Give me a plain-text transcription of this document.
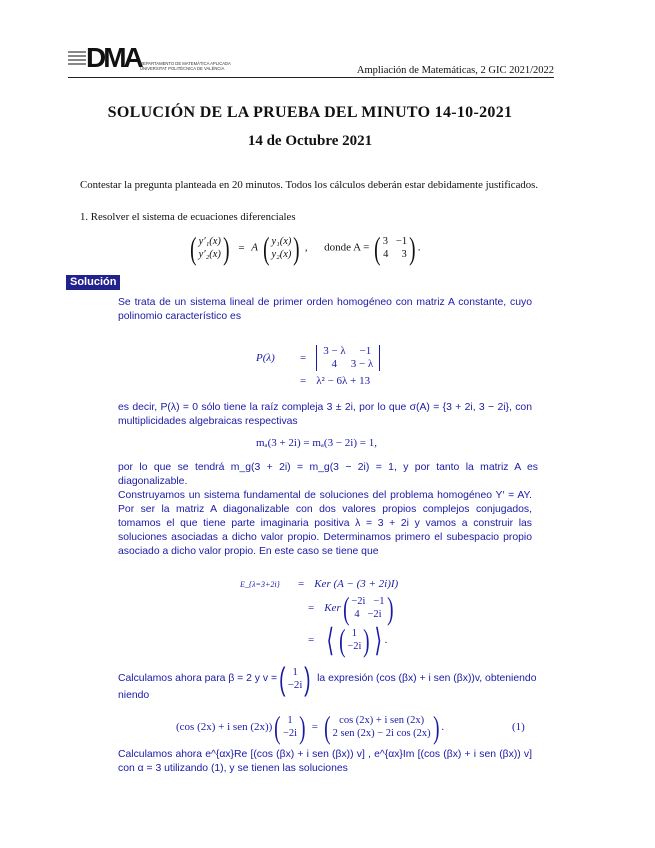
DMA DEPARTAMENTO DE MATEMÁTICA APLICADA
UNIVERSITAT POLITÈCNICA DE VALÈNCIA	Ampliación de Matemáticas, 2 GIC 2021/2022
SOLUCIÓN DE LA PRUEBA DEL MINUTO 14-10-2021
14 de Octubre 2021
Contestar la pregunta planteada en 20 minutos. Todos los cálculos deberán estar debidamente justificados.
1. Resolver el sistema de ecuaciones diferenciales
( y′₁(x)
y′₂(x) ) = A ( y₁(x)
y₂(x) ) ,      donde A = ( 3 −1
4 3 ) .
Solución
Se trata de un sistema lineal de primer orden homogéneo con matriz A constante, cuyo polinomio característico es
P(λ)	=
3 − λ −1
4 3 − λ
= λ² − 6λ + 13
es decir, P(λ) = 0 sólo tiene la raíz compleja 3 ± 2i, por lo que σ(A) = {3 + 2i, 3 − 2i}, con multiplicidades algebraicas respectivas
mₐ(3 + 2i) = mₐ(3 − 2i) = 1,
por lo que se tendrá m_g(3 + 2i) = m_g(3 − 2i) = 1, y por tanto la matriz A es diagonalizable.
Construyamos un sistema fundamental de soluciones del problema homogéneo Y′ = AY. Por ser la matriz A diagonalizable con dos valores propios complejos conjugados, tomamos el que tiene parte imaginaria positiva λ = 3 + 2i y vamos a construir las soluciones asociadas a dicho valor propio. Determinamos primero el subespacio propio asociado a dicho valor propio. En este caso se tiene que
E_{λ=3+2i} = Ker (A − (3 + 2i)I)
= Ker ( −2i −1
4 −2i )
= ⟨ ( 1
−2i ) ⟩ .
Calculamos ahora para β = 2 y v = ( 1
−2i ) la expresión (cos (βx) + i sen (βx))v, obteniendo
niendo
(cos (2x) + i sen (2x)) ( 1
−2i ) = ( cos (2x) + i sen (2x)
2 sen (2x) − 2i cos (2x) ) .	(1)
Calculamos ahora e^{αx}Re [(cos (βx) + i sen (βx)) v] , e^{αx}Im [(cos (βx) + i sen (βx)) v] con α = 3 utilizando (1), y se tienen las soluciones
